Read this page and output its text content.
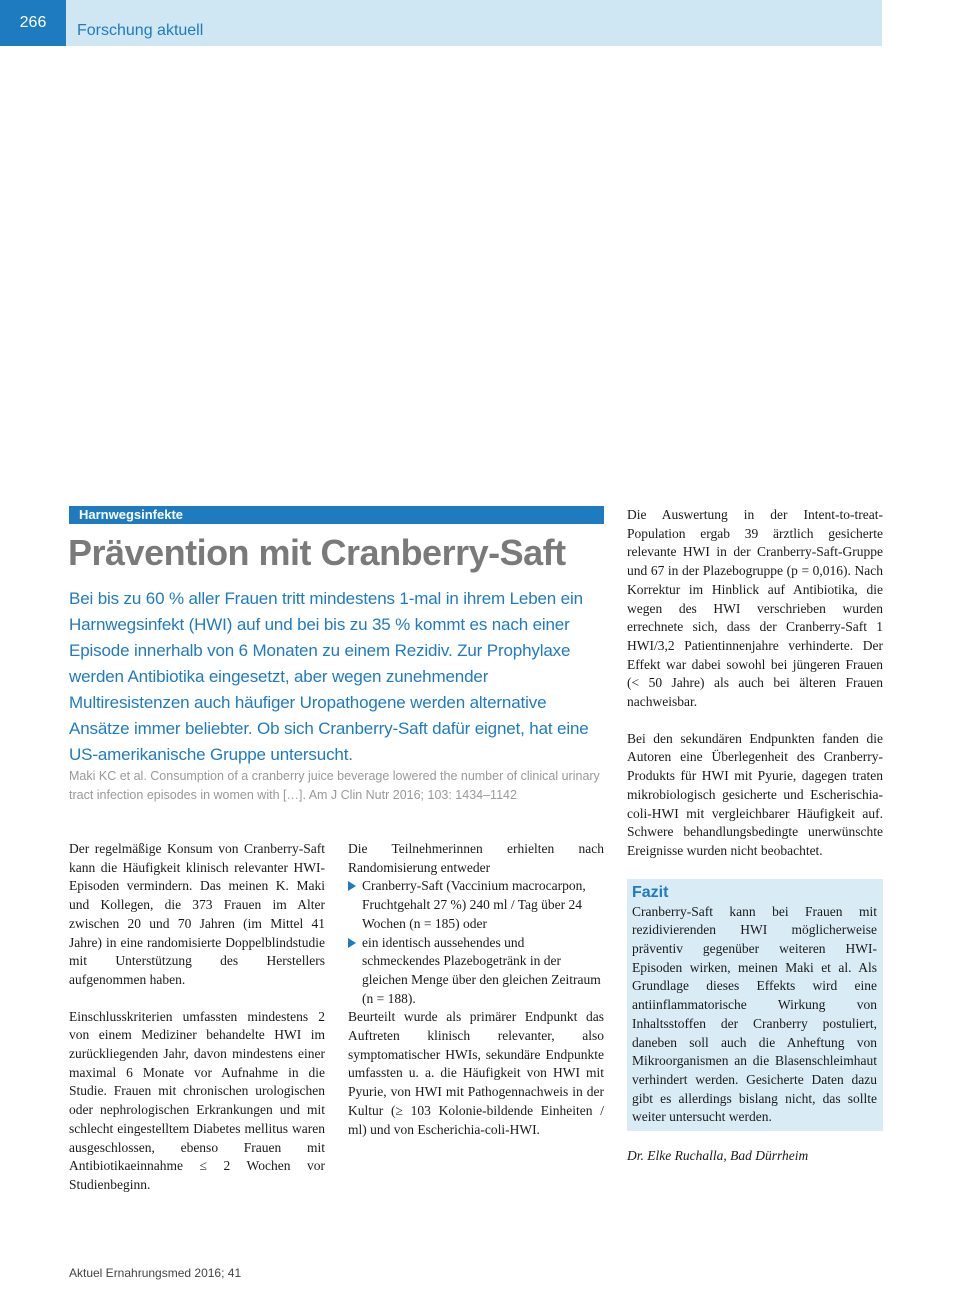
266	Forschung aktuell
Harnwegsinfekte
Prävention mit Cranberry-Saft

Bei bis zu 60 % aller Frauen tritt mindestens 1-mal in ihrem Leben ein Harnwegsinfekt (HWI) auf und bei bis zu 35 % kommt es nach einer Episode innerhalb von 6 Monaten zu einem Rezidiv. Zur Prophylaxe werden Antibiotika eingesetzt, aber wegen zunehmender Multiresistenzen auch häufiger Uropathogene werden alternative Ansätze immer beliebter. Ob sich Cranberry-Saft dafür eignet, hat eine US-amerikanische Gruppe untersucht.

Maki KC et al. Consumption of a cranberry juice beverage lowered the number of clinical urinary tract infection episodes in women with […]. Am J Clin Nutr 2016; 103: 1434–1142

Der regelmäßige Konsum von Cranberry-Saft kann die Häufigkeit klinisch relevanter HWI-Episoden vermindern. Das meinen K. Maki und Kollegen, die 373 Frauen im Alter zwischen 20 und 70 Jahren (im Mittel 41 Jahre) in eine randomisierte Doppelblindstudie mit Unterstützung des Herstellers aufgenommen haben.

Einschlusskriterien umfassten mindestens 2 von einem Mediziner behandelte HWI im zurückliegenden Jahr, davon mindestens einer maximal 6 Monate vor Aufnahme in die Studie. Frauen mit chronischen urologischen oder nephrologischen Erkrankungen und mit schlecht eingestelltem Diabetes mellitus waren ausgeschlossen, ebenso Frauen mit Antibiotikaeinnahme ≤ 2 Wochen vor Studienbeginn.

Die Teilnehmerinnen erhielten nach Randomisierung entweder

Cranberry-Saft (Vaccinium macrocarpon, Fruchtgehalt 27 %) 240 ml / Tag über 24 Wochen (n = 185) oder
ein identisch aussehendes und schmeckendes Plazebogetränk in der gleichen Menge über den gleichen Zeitraum (n = 188).

Beurteilt wurde als primärer Endpunkt das Auftreten klinisch relevanter, also symptomatischer HWIs, sekundäre Endpunkte umfassten u. a. die Häufigkeit von HWI mit Pyurie, von HWI mit Pathogennachweis in der Kultur (≥ 103 Kolonie-bildende Einheiten / ml) und von Escherichia-coli-HWI.

Die Auswertung in der Intent-to-treat-Population ergab 39 ärztlich gesicherte relevante HWI in der Cranberry-Saft-Gruppe und 67 in der Plazebogruppe (p = 0,016). Nach Korrektur im Hinblick auf Antibiotika, die wegen des HWI verschrieben wurden errechnete sich, dass der Cranberry-Saft 1 HWI/3,2 Patientinnenjahre verhinderte. Der Effekt war dabei sowohl bei jüngeren Frauen (< 50 Jahre) als auch bei älteren Frauen nachweisbar.

Bei den sekundären Endpunkten fanden die Autoren eine Überlegenheit des Cranberry-Produkts für HWI mit Pyurie, dagegen traten mikrobiologisch gesicherte und Escherischia-coli-HWI mit vergleichbarer Häufigkeit auf. Schwere behandlungsbedingte unerwünschte Ereignisse wurden nicht beobachtet.

Fazit

Cranberry-Saft kann bei Frauen mit rezidivierenden HWI möglicherweise präventiv gegenüber weiteren HWI-Episoden wirken, meinen Maki et al. Als Grundlage dieses Effekts wird eine antiinflammatorische Wirkung von Inhaltsstoffen der Cranberry postuliert, daneben soll auch die Anheftung von Mikroorganismen an die Blasenschleimhaut verhindert werden. Gesicherte Daten dazu gibt es allerdings bislang nicht, das sollte weiter untersucht werden.

Dr. Elke Ruchalla, Bad Dürrheim
Aktuel Ernahrungsmed 2016; 41
